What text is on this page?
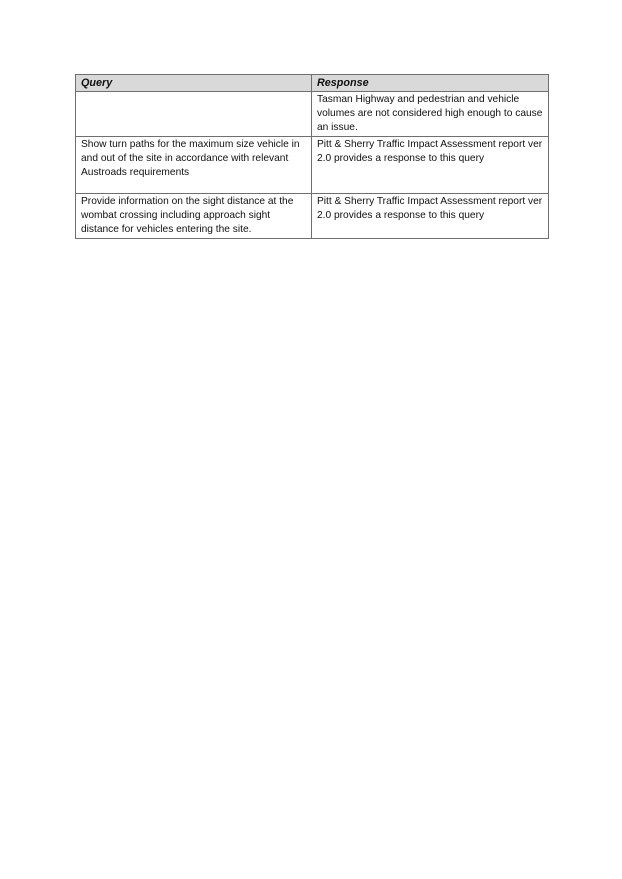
Query	Response
	Tasman Highway and pedestrian and vehicle volumes are not considered high enough to cause an issue.
Show turn paths for the maximum size vehicle in and out of the site in accordance with relevant Austroads requirements	Pitt & Sherry Traffic Impact Assessment report ver 2.0 provides a response to this query
Provide information on the sight distance at the wombat crossing including approach sight distance for vehicles entering the site.	Pitt & Sherry Traffic Impact Assessment report ver 2.0 provides a response to this query
